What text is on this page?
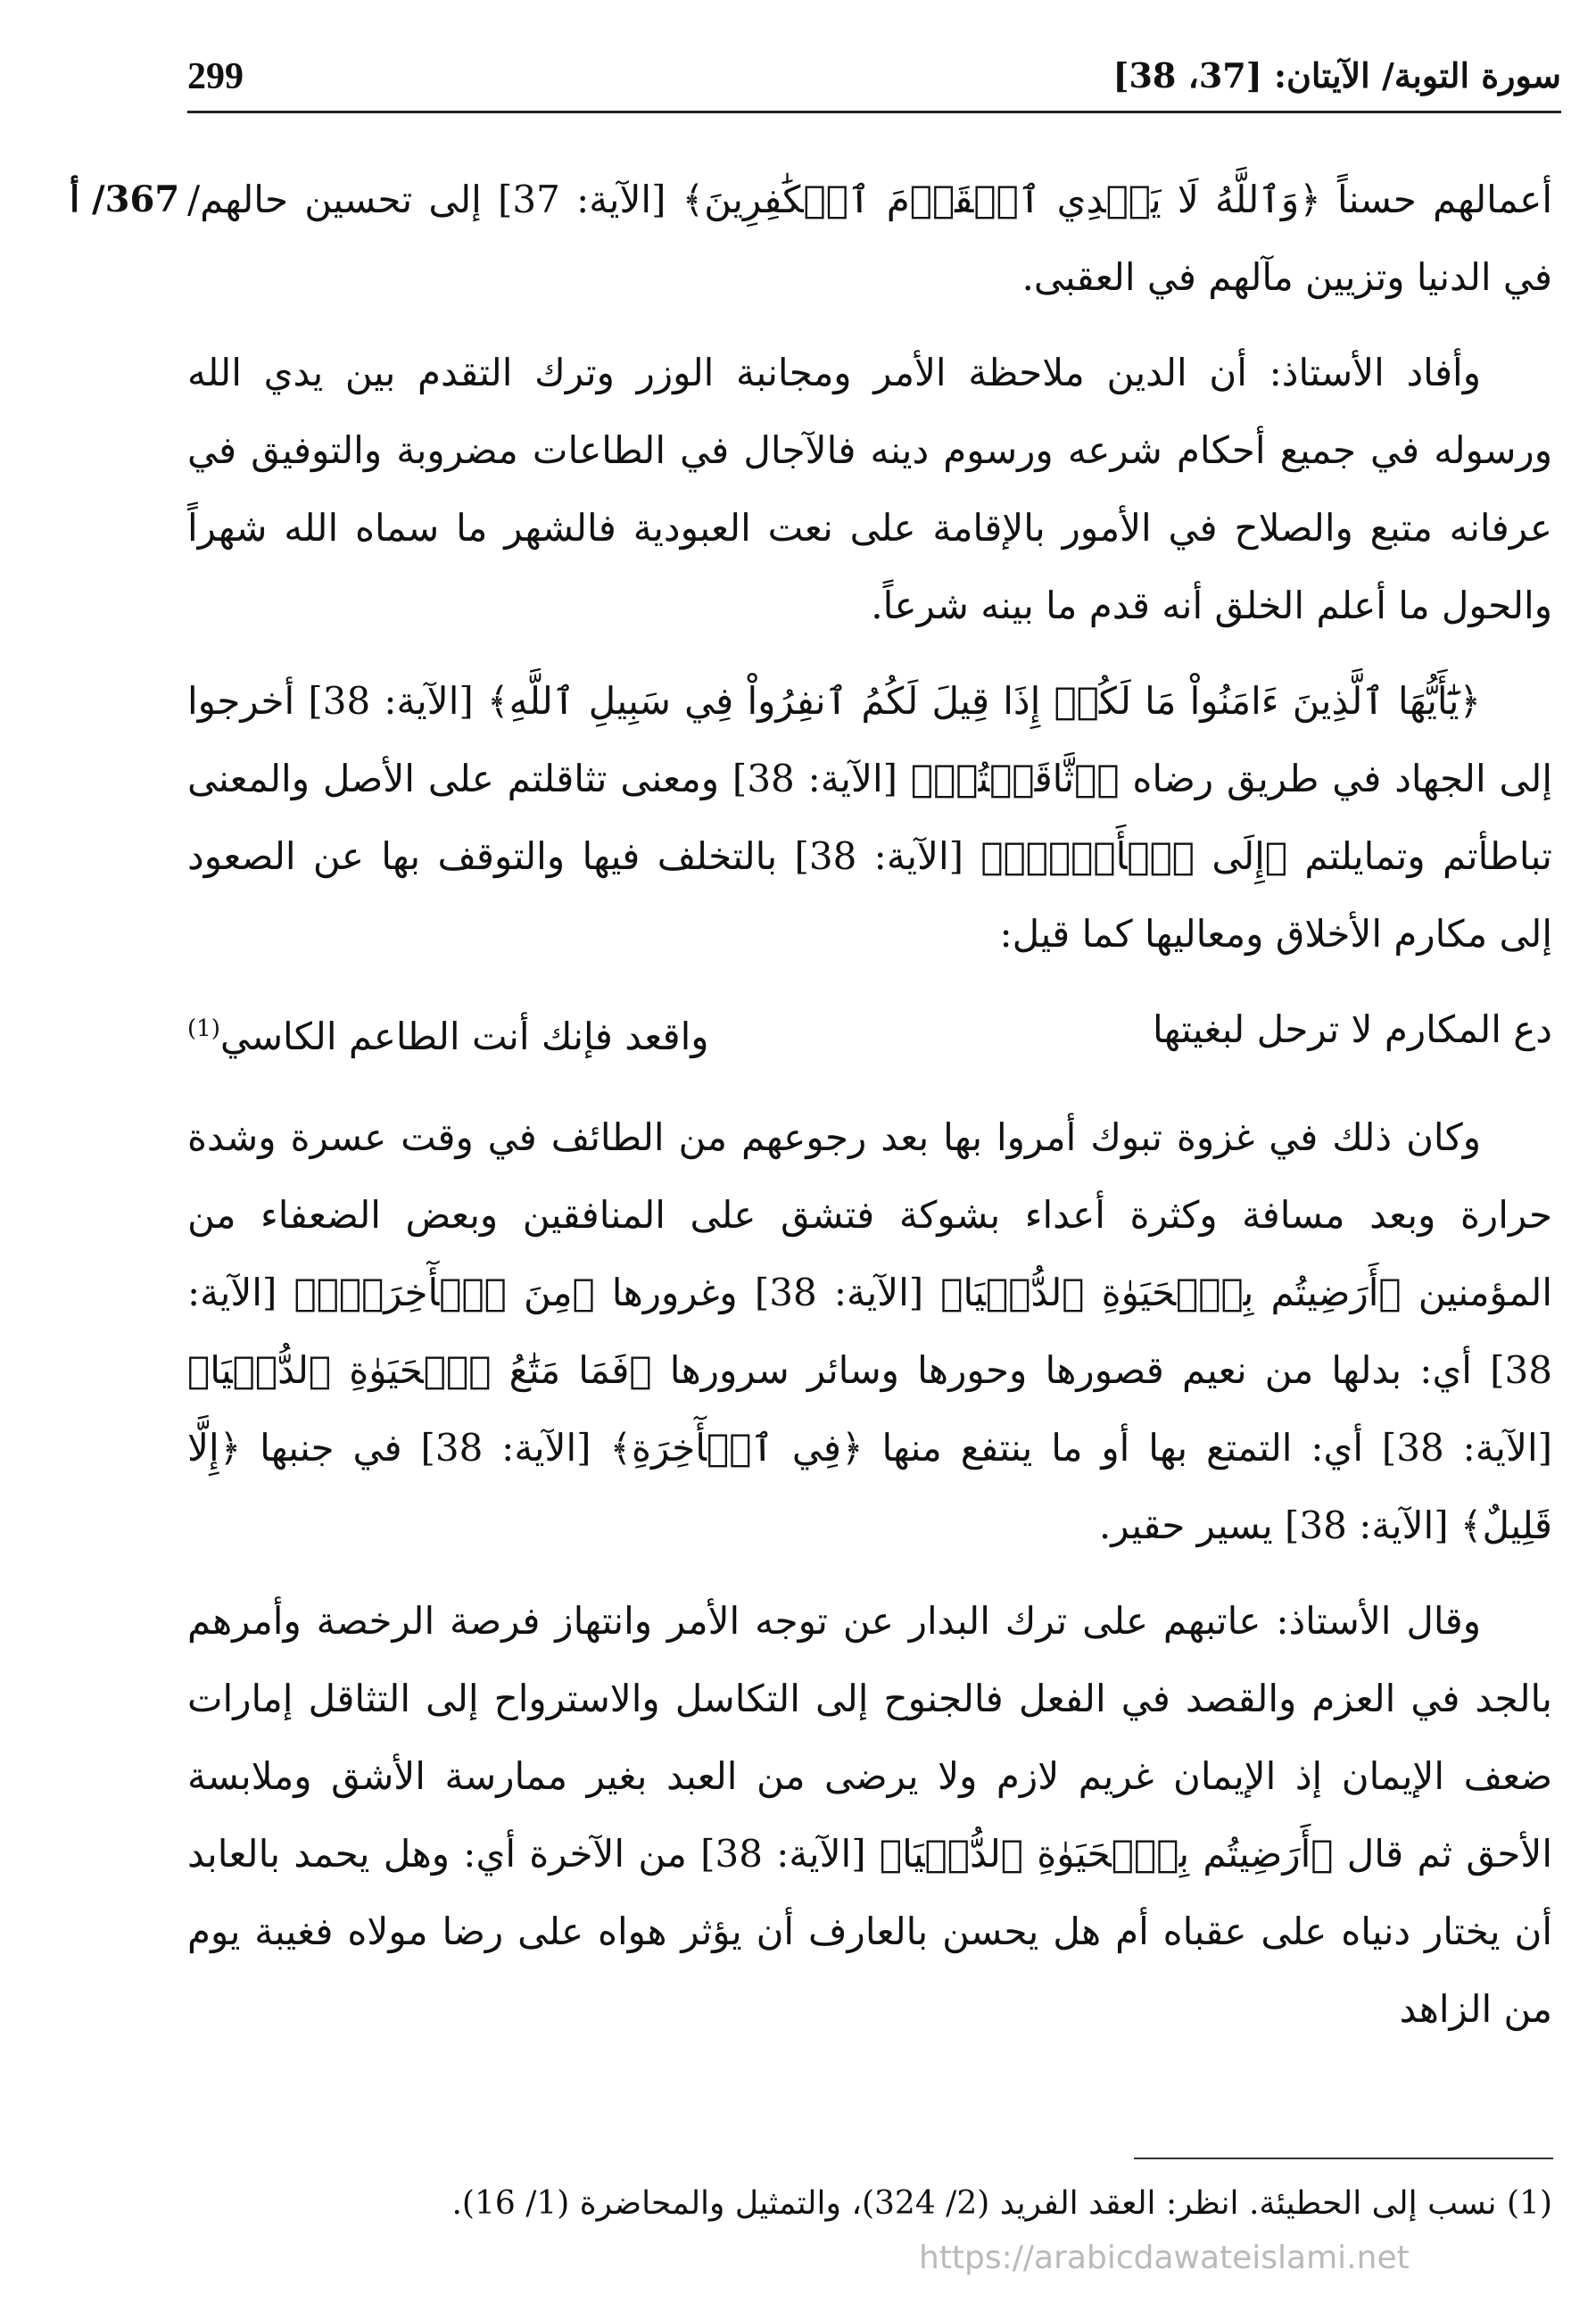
سورة التوبة/ الآيتان: [37، 38]
299
367/ أ أعمالهم حسناً ﴿وَٱللَّهُ لَا يَهۡدِي ٱلۡقَوۡمَ ٱلۡكَٰفِرِينَ﴾ [الآية: 37] إلى تحسين حالهم/ في الدنيا وتزيين مآلهم في العقبى.

وأفاد الأستاذ: أن الدين ملاحظة الأمر ومجانبة الوزر وترك التقدم بين يدي الله ورسوله في جميع أحكام شرعه ورسوم دينه فالآجال في الطاعات مضروبة والتوفيق في عرفانه متبع والصلاح في الأمور بالإقامة على نعت العبودية فالشهر ما سماه الله شهراً والحول ما أعلم الخلق أنه قدم ما بينه شرعاً.

﴿يَٰٓأَيُّهَا ٱلَّذِينَ ءَامَنُواْ مَا لَكُمۡ إِذَا قِيلَ لَكُمُ ٱنفِرُواْ فِي سَبِيلِ ٱللَّهِ﴾ [الآية: 38] أخرجوا إلى الجهاد في طريق رضاه ﴿ٱثَّاقَلۡتُمۡ﴾ [الآية: 38] ومعنى تثاقلتم على الأصل والمعنى تباطأتم وتمايلتم ﴿إِلَى ٱلۡأَرۡضِۚ﴾ [الآية: 38] بالتخلف فيها والتوقف بها عن الصعود إلى مكارم الأخلاق ومعاليها كما قيل:

دع المكارم لا ترحل لبغيتها
واقعد فإنك أنت الطاعم الكاسي$^{(1)}$

وكان ذلك في غزوة تبوك أمروا بها بعد رجوعهم من الطائف في وقت عسرة وشدة حرارة وبعد مسافة وكثرة أعداء بشوكة فتشق على المنافقين وبعض الضعفاء من المؤمنين ﴿أَرَضِيتُم بِٱلۡحَيَوٰةِ ٱلدُّنۡيَا﴾ [الآية: 38] وغرورها ﴿مِنَ ٱلۡأٓخِرَةِۚ﴾ [الآية: 38] أي: بدلها من نعيم قصورها وحورها وسائر سرورها ﴿فَمَا مَتَٰعُ ٱلۡحَيَوٰةِ ٱلدُّنۡيَا﴾ [الآية: 38] أي: التمتع بها أو ما ينتفع منها ﴿فِي ٱلۡأٓخِرَةِ﴾ [الآية: 38] في جنبها ﴿إِلَّا قَلِيلٌ﴾ [الآية: 38] يسير حقير.

وقال الأستاذ: عاتبهم على ترك البدار عن توجه الأمر وانتهاز فرصة الرخصة وأمرهم بالجد في العزم والقصد في الفعل فالجنوح إلى التكاسل والاسترواح إلى التثاقل إمارات ضعف الإيمان إذ الإيمان غريم لازم ولا يرضى من العبد بغير ممارسة الأشق وملابسة الأحق ثم قال ﴿أَرَضِيتُم بِٱلۡحَيَوٰةِ ٱلدُّنۡيَا﴾ [الآية: 38] من الآخرة أي: وهل يحمد بالعابد أن يختار دنياه على عقباه أم هل يحسن بالعارف أن يؤثر هواه على رضا مولاه فغيبة يوم من الزاهد

(1) نسب إلى الحطيئة. انظر: العقد الفريد (2/ 324)، والتمثيل والمحاضرة (1/ 16).
https://arabicdawateislami.net
